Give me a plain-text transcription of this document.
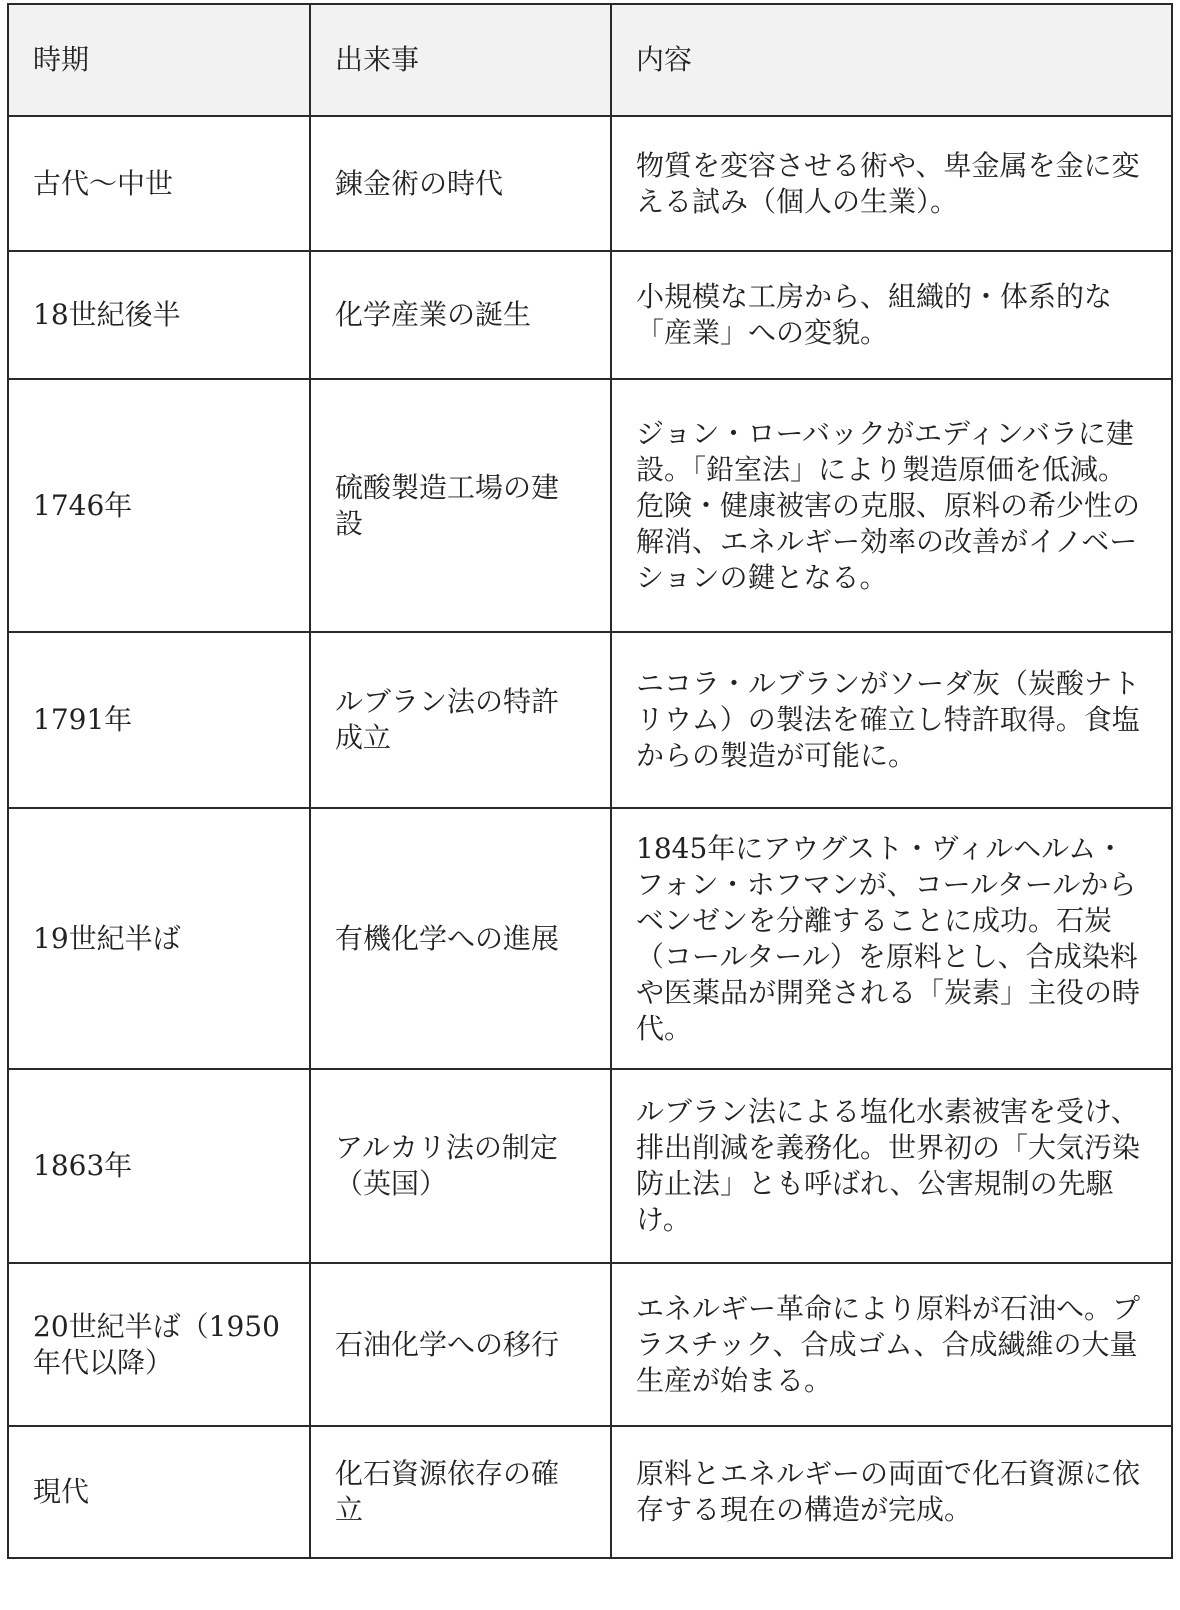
時期	出来事	内容
古代〜中世	錬金術の時代	物質を変容させる術や、卑金属を金に変える試み（個人の生業）。
18世紀後半	化学産業の誕生	小規模な工房から、組織的・体系的な「産業」への変貌。
1746年	硫酸製造工場の建設	ジョン・ローバックがエディンバラに建設。「鉛室法」により製造原価を低減。危険・健康被害の克服、原料の希少性の解消、エネルギー効率の改善がイノベーションの鍵となる。
1791年	ルブラン法の特許成立	ニコラ・ルブランがソーダ灰（炭酸ナトリウム）の製法を確立し特許取得。食塩からの製造が可能に。
19世紀半ば	有機化学への進展	1845年にアウグスト・ヴィルヘルム・フォン・ホフマンが、コールタールからベンゼンを分離することに成功。石炭（コールタール）を原料とし、合成染料や医薬品が開発される「炭素」主役の時代。
1863年	アルカリ法の制定（英国）	ルブラン法による塩化水素被害を受け、排出削減を義務化。世界初の「大気汚染防止法」とも呼ばれ、公害規制の先駆け。
20世紀半ば（1950年代以降）	石油化学への移行	エネルギー革命により原料が石油へ。プラスチック、合成ゴム、合成繊維の大量生産が始まる。
現代	化石資源依存の確立	原料とエネルギーの両面で化石資源に依存する現在の構造が完成。
